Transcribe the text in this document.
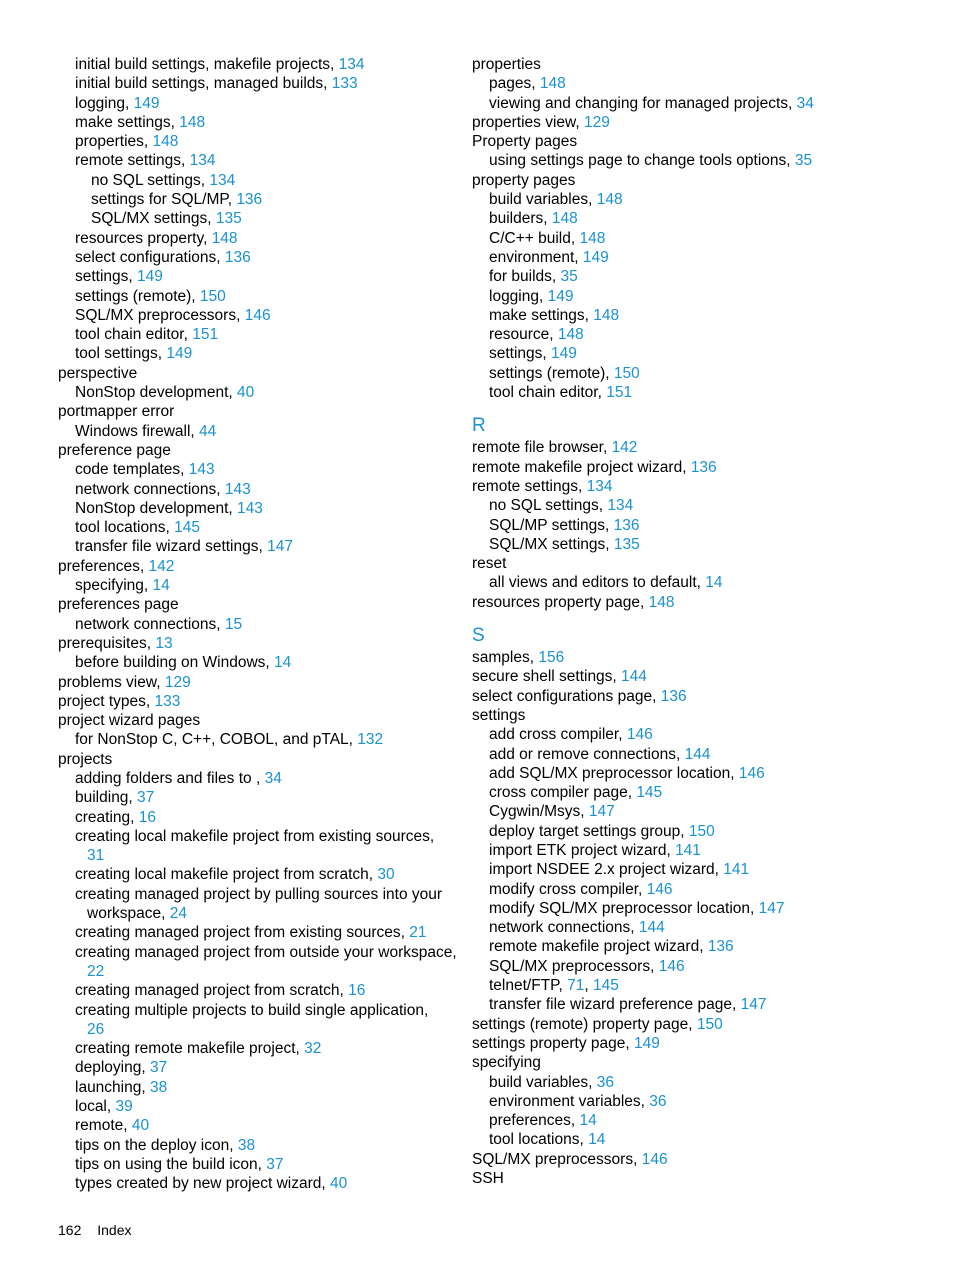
initial build settings, makefile projects, 134
initial build settings, managed builds, 133
logging, 149
make settings, 148
properties, 148
remote settings, 134
no SQL settings, 134
settings for SQL/MP, 136
SQL/MX settings, 135
resources property, 148
select configurations, 136
settings, 149
settings (remote), 150
SQL/MX preprocessors, 146
tool chain editor, 151
tool settings, 149
perspective
NonStop development, 40
portmapper error
Windows firewall, 44
preference page
code templates, 143
network connections, 143
NonStop development, 143
tool locations, 145
transfer file wizard settings, 147
preferences, 142
specifying, 14
preferences page
network connections, 15
prerequisites, 13
before building on Windows, 14
problems view, 129
project types, 133
project wizard pages
for NonStop C, C++, COBOL, and pTAL, 132
projects
adding folders and files to , 34
building, 37
creating, 16
creating local makefile project from existing sources,
31
creating local makefile project from scratch, 30
creating managed project by pulling sources into your
workspace, 24
creating managed project from existing sources, 21
creating managed project from outside your workspace,
22
creating managed project from scratch, 16
creating multiple projects to build single application,
26
creating remote makefile project, 32
deploying, 37
launching, 38
local, 39
remote, 40
tips on the deploy icon, 38
tips on using the build icon, 37
types created by new project wizard, 40
properties
pages, 148
viewing and changing for managed projects, 34
properties view, 129
Property pages
using settings page to change tools options, 35
property pages
build variables, 148
builders, 148
C/C++ build, 148
environment, 149
for builds, 35
logging, 149
make settings, 148
resource, 148
settings, 149
settings (remote), 150
tool chain editor, 151
R
remote file browser, 142
remote makefile project wizard, 136
remote settings, 134
no SQL settings, 134
SQL/MP settings, 136
SQL/MX settings, 135
reset
all views and editors to default, 14
resources property page, 148
S
samples, 156
secure shell settings, 144
select configurations page, 136
settings
add cross compiler, 146
add or remove connections, 144
add SQL/MX preprocessor location, 146
cross compiler page, 145
Cygwin/Msys, 147
deploy target settings group, 150
import ETK project wizard, 141
import NSDEE 2.x project wizard, 141
modify cross compiler, 146
modify SQL/MX preprocessor location, 147
network connections, 144
remote makefile project wizard, 136
SQL/MX preprocessors, 146
telnet/FTP, 71, 145
transfer file wizard preference page, 147
settings (remote) property page, 150
settings property page, 149
specifying
build variables, 36
environment variables, 36
preferences, 14
tool locations, 14
SQL/MX preprocessors, 146
SSH
162 Index
